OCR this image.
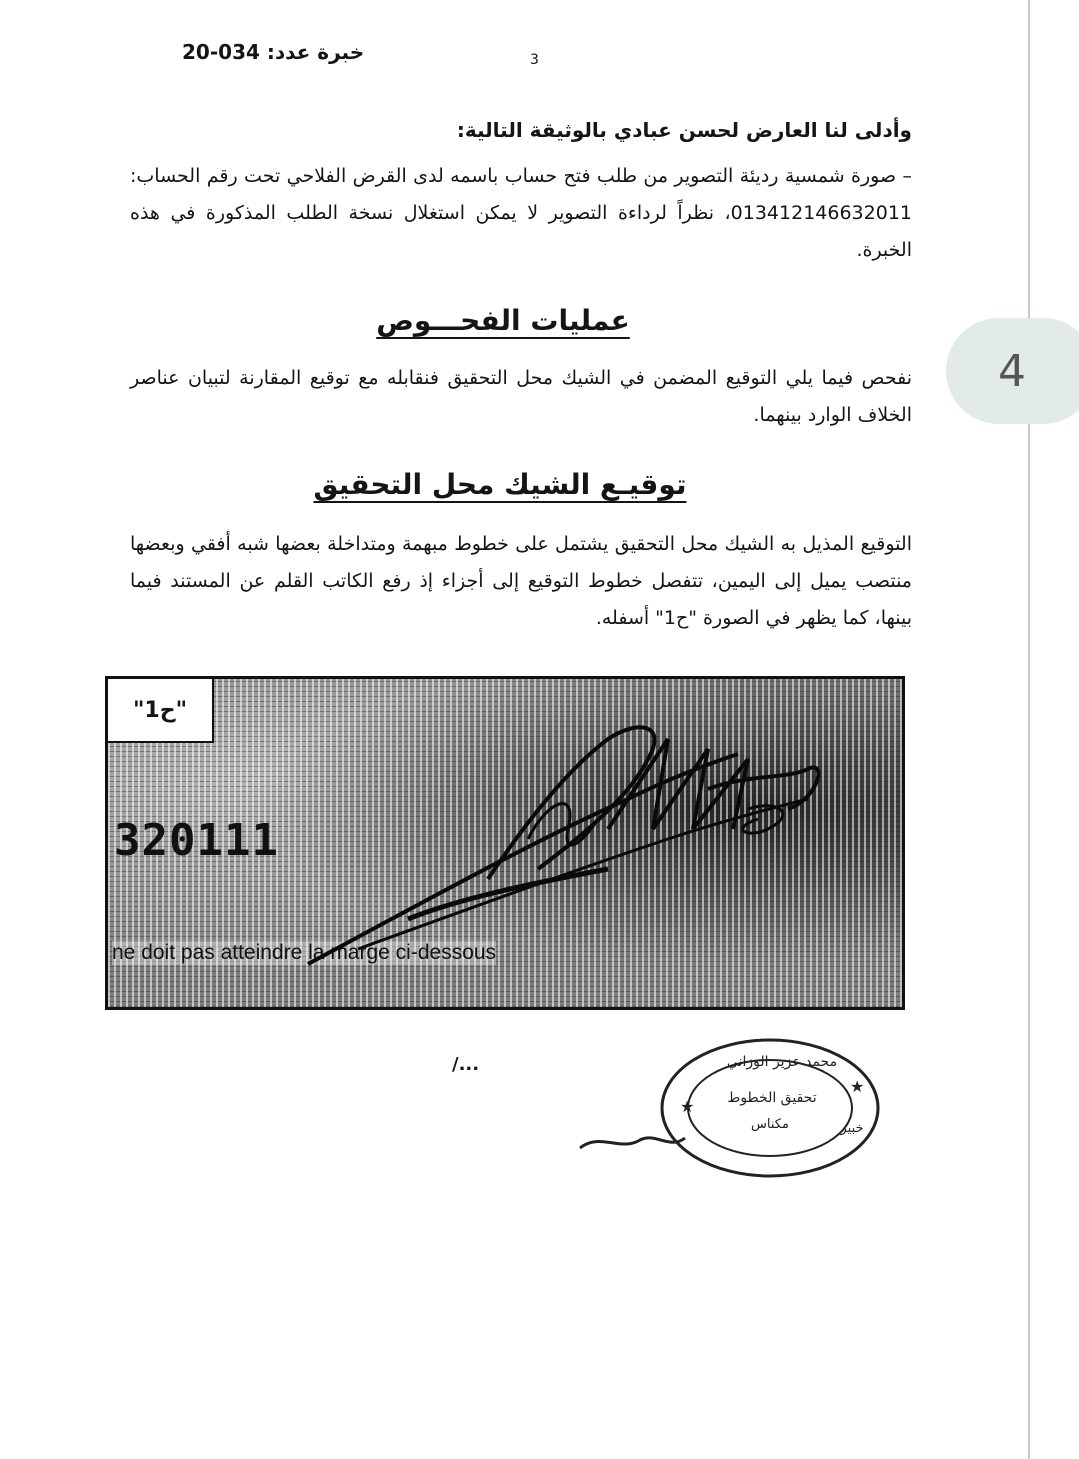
4
خبرة عدد: 034-20	3
وأدلى لنا العارض لحسن عبادي بالوثيقة التالية:
– صورة شمسية رديئة التصوير من طلب فتح حساب باسمه لدى القرض الفلاحي تحت رقم الحساب: 013412146632011، نظراً لرداءة التصوير لا يمكن استغلال نسخة الطلب المذكورة في هذه الخبرة.
عمليات الفحـــوص
نفحص فيما يلي التوقيع المضمن في الشيك محل التحقيق فنقابله مع توقيع المقارنة لتبيان عناصر الخلاف الوارد بينهما.
توقيـع الشيك محل التحقيق
التوقيع المذيل به الشيك محل التحقيق يشتمل على خطوط مبهمة ومتداخلة بعضها شبه أفقي وبعضها منتصب يميل إلى اليمين، تتفصل خطوط التوقيع إلى أجزاء إذ رفع الكاتب القلم عن المستند فيما بينها، كما يظهر في الصورة "ح1" أسفله.
320111
ne doit pas atteindre la marge ci-dessous
"ح1"
/...
★
★
محمد عزيز الوزاني
تحقيق الخطوط
مكناس	خبير
